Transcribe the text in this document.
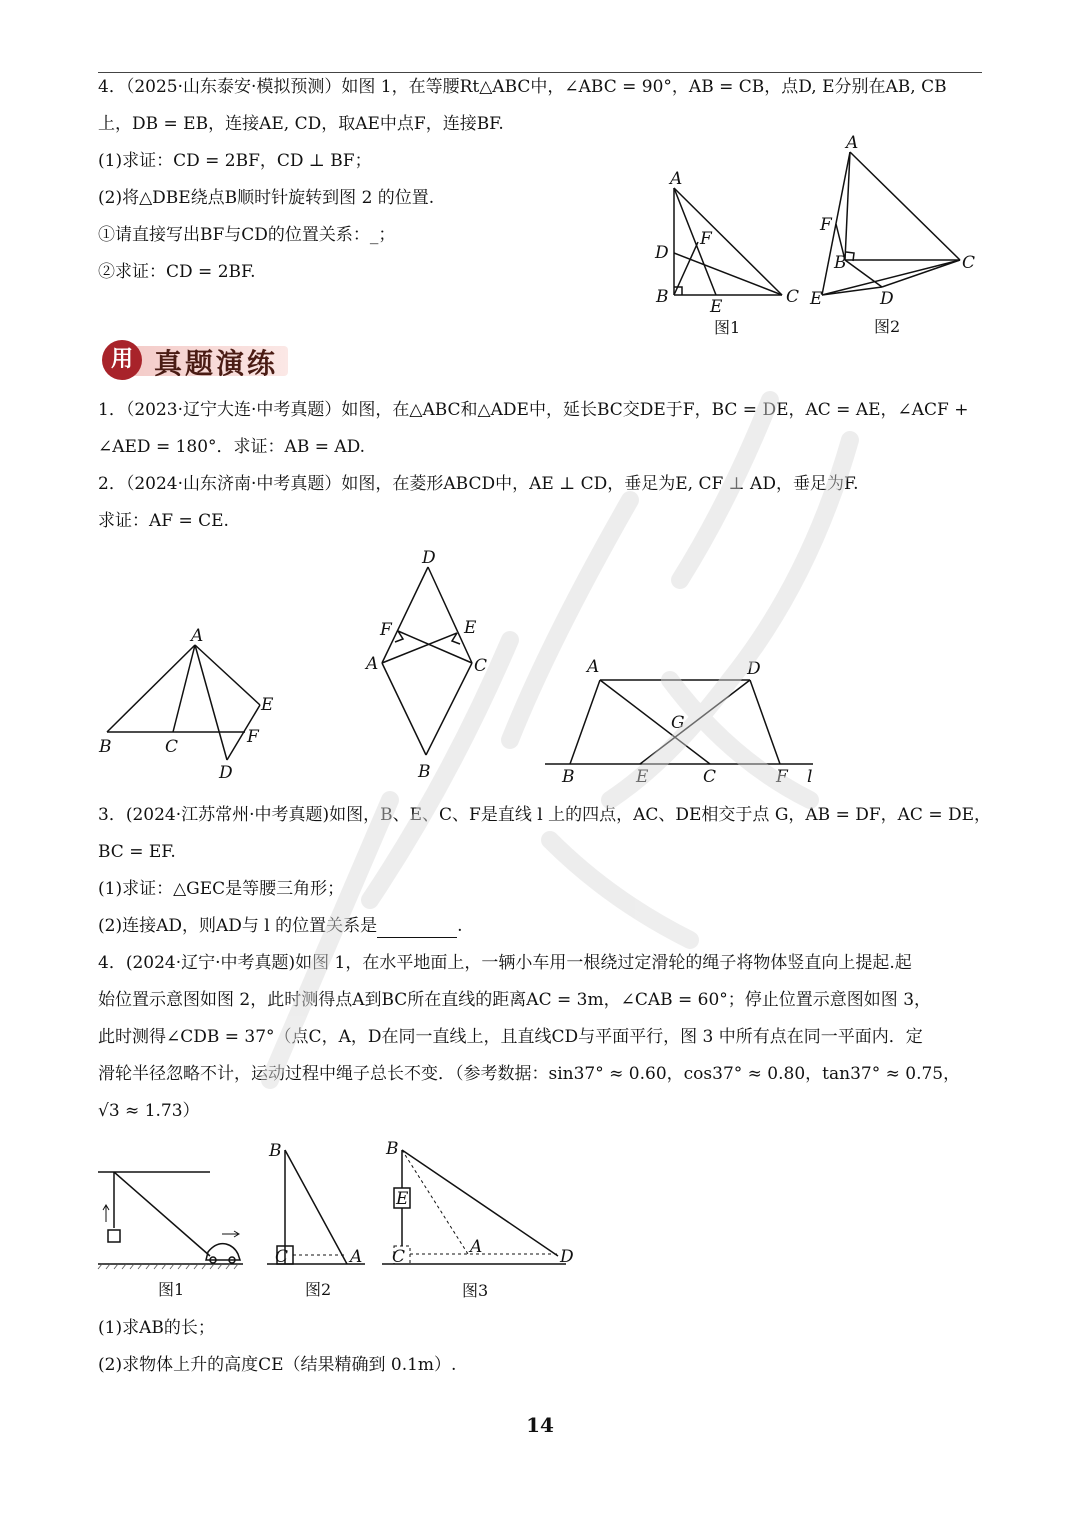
4．（2025·山东泰安·模拟预测）如图 1，在等腰Rt△ABC中，∠ABC = 90°，AB = CB，点D, E分别在AB, CB
上，DB = EB，连接AE, CD，取AE中点F，连接BF.
(1)求证：CD = 2BF，CD ⊥ BF；
(2)将△DBE绕点B顺时针旋转到图 2 的位置.
①请直接写出BF与CD的位置关系：_；
②求证：CD = 2BF.
A
D
F
B E	C
图1
A
F
B	C
E	D
图2
用 真题演练
1．（2023·辽宁大连·中考真题）如图，在△ABC和△ADE中，延长BC交DE于F，BC = DE，AC = AE，∠ACF +
∠AED = 180°．求证：AB = AD.
2．（2024·山东济南·中考真题）如图，在菱形ABCD中，AE ⊥ CD，垂足为E, CF ⊥ AD，垂足为F.
求证：AF = CE.
A
B	C
D
E
F
D
F	E
A	C
B
A	D
G
B	E	C	F l
3．(2024·江苏常州·中考真题)如图，B、E、C、F是直线 l 上的四点，AC、DE相交于点 G，AB = DF，AC = DE，
BC = EF.
(1)求证：△GEC是等腰三角形；
(2)连接AD，则AD与 l 的位置关系是	.
4．(2024·辽宁·中考真题)如图 1，在水平地面上，一辆小车用一根绕过定滑轮的绳子将物体竖直向上提起.起
始位置示意图如图 2，此时测得点A到BC所在直线的距离AC = 3m，∠CAB = 60°；停止位置示意图如图 3，
此时测得∠CDB = 37°（点C，A，D在同一直线上，且直线CD与平面平行，图 3 中所有点在同一平面内．定
滑轮半径忽略不计，运动过程中绳子总长不变．（参考数据：sin37° ≈ 0.60，cos37° ≈ 0.80，tan37° ≈ 0.75，
√3 ≈ 1.73）
图1
B
C	A
图2
B
E
C	A	D
图3
(1)求AB的长；
(2)求物体上升的高度CE（结果精确到 0.1m）.
14
